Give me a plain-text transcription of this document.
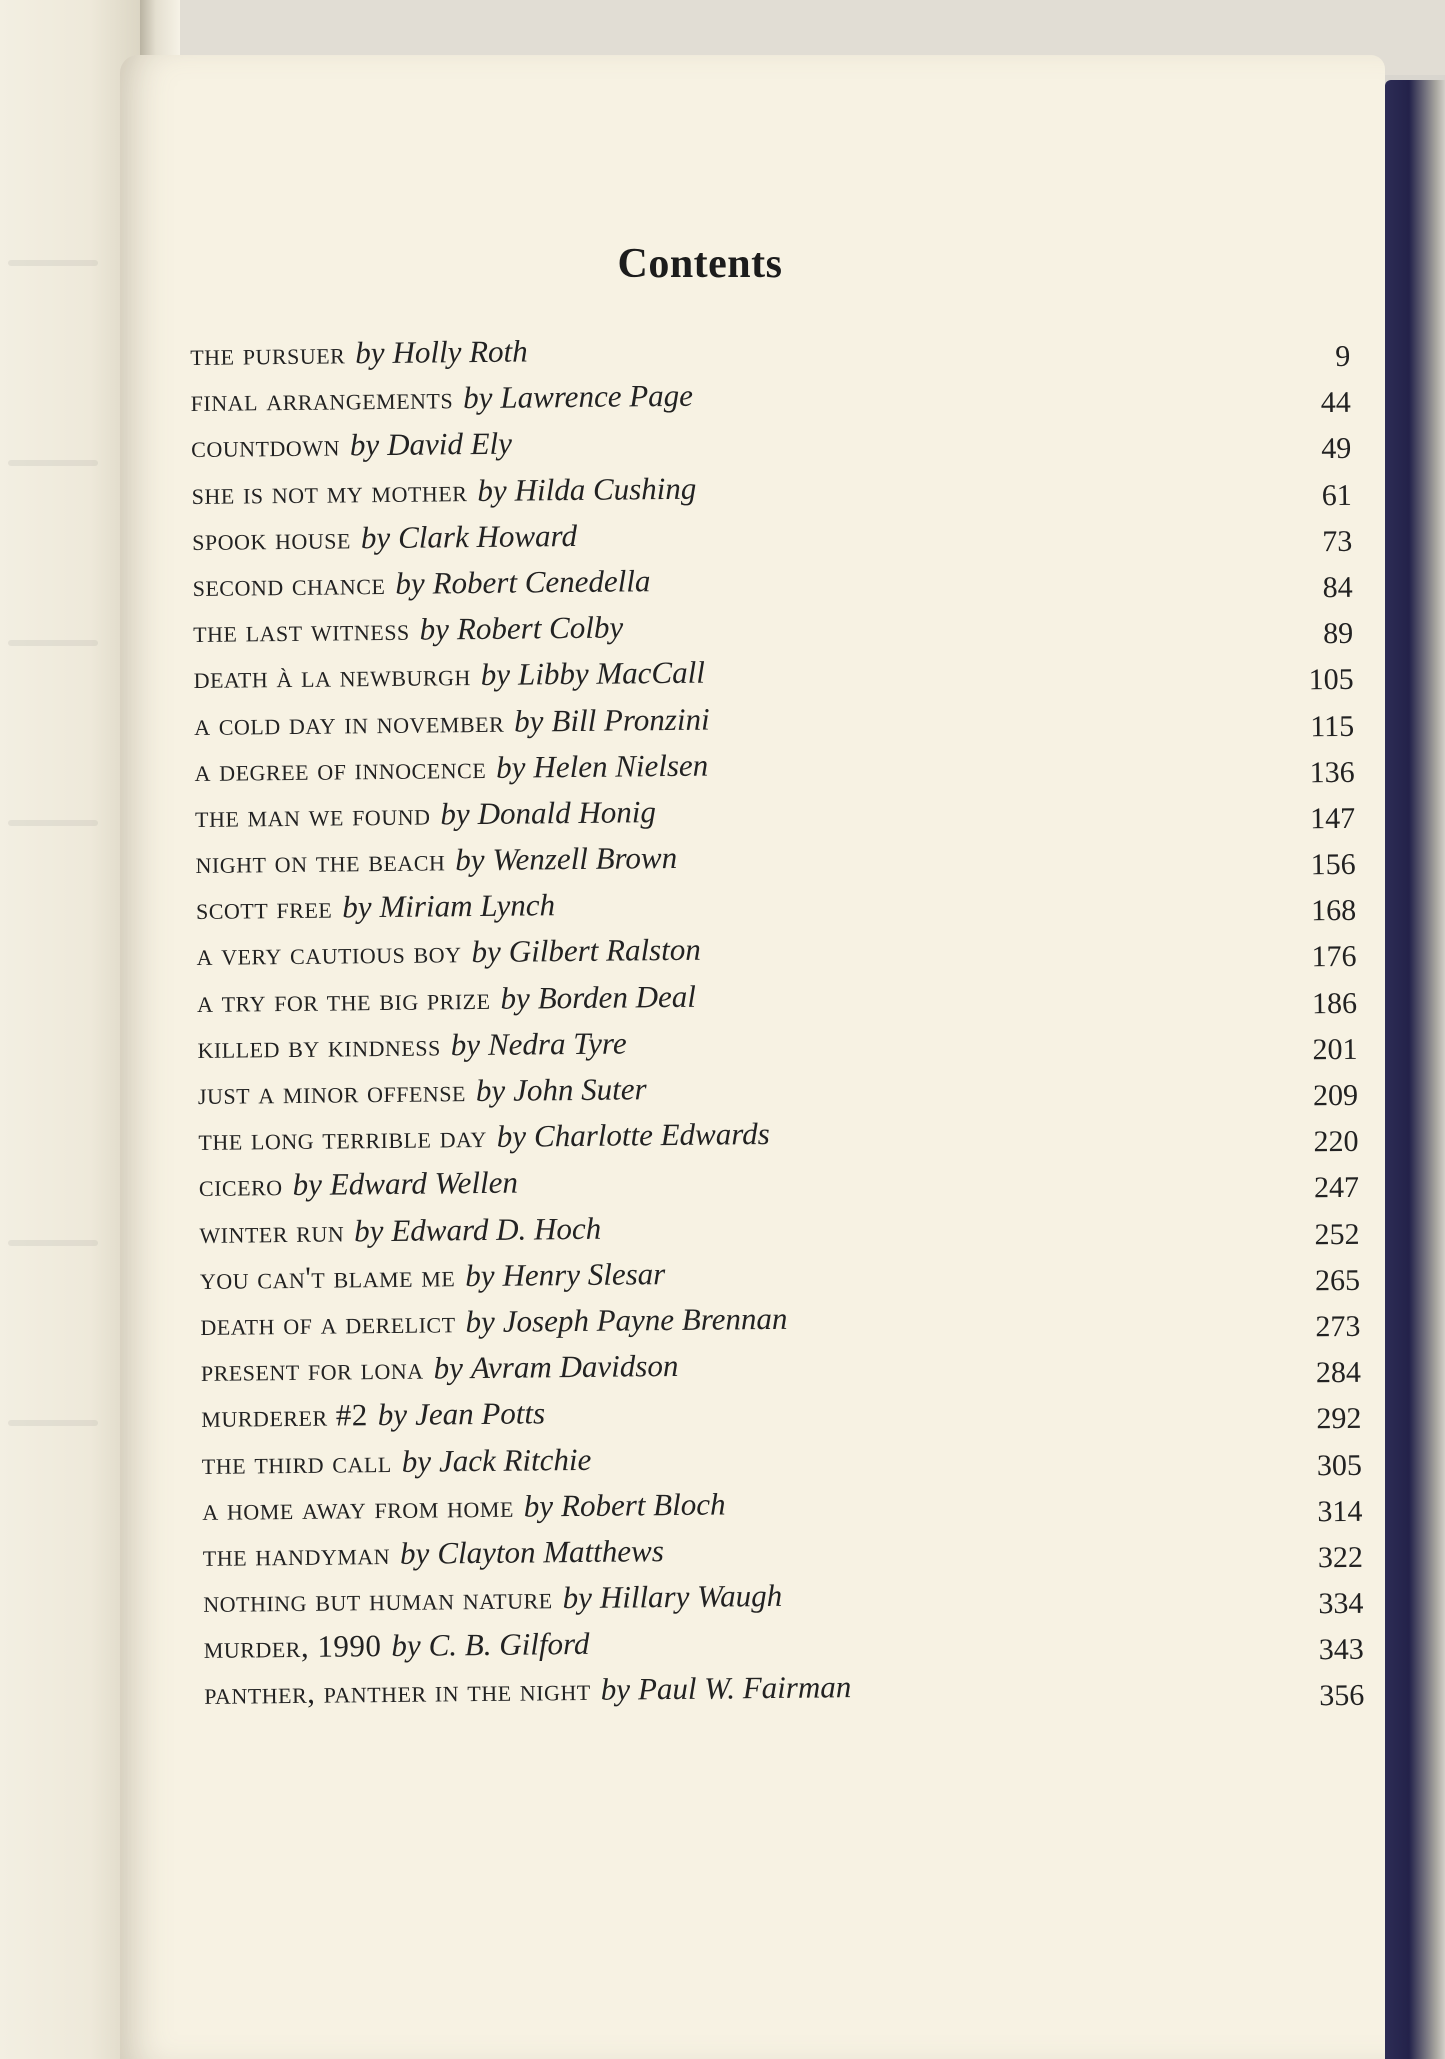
Contents
the pursuer by Holly Roth	9
final arrangements by Lawrence Page	44
countdown by David Ely	49
she is not my mother by Hilda Cushing	61
spook house by Clark Howard	73
second chance by Robert Cenedella	84
the last witness by Robert Colby	89
death à la newburgh by Libby MacCall	105
a cold day in november by Bill Pronzini	115
a degree of innocence by Helen Nielsen	136
the man we found by Donald Honig	147
night on the beach by Wenzell Brown	156
scott free by Miriam Lynch	168
a very cautious boy by Gilbert Ralston	176
a try for the big prize by Borden Deal	186
killed by kindness by Nedra Tyre	201
just a minor offense by John Suter	209
the long terrible day by Charlotte Edwards	220
cicero by Edward Wellen	247
winter run by Edward D. Hoch	252
you can't blame me by Henry Slesar	265
death of a derelict by Joseph Payne Brennan	273
present for lona by Avram Davidson	284
murderer #2 by Jean Potts	292
the third call by Jack Ritchie	305
a home away from home by Robert Bloch	314
the handyman by Clayton Matthews	322
nothing but human nature by Hillary Waugh	334
murder, 1990 by C. B. Gilford	343
panther, panther in the night by Paul W. Fairman	356
